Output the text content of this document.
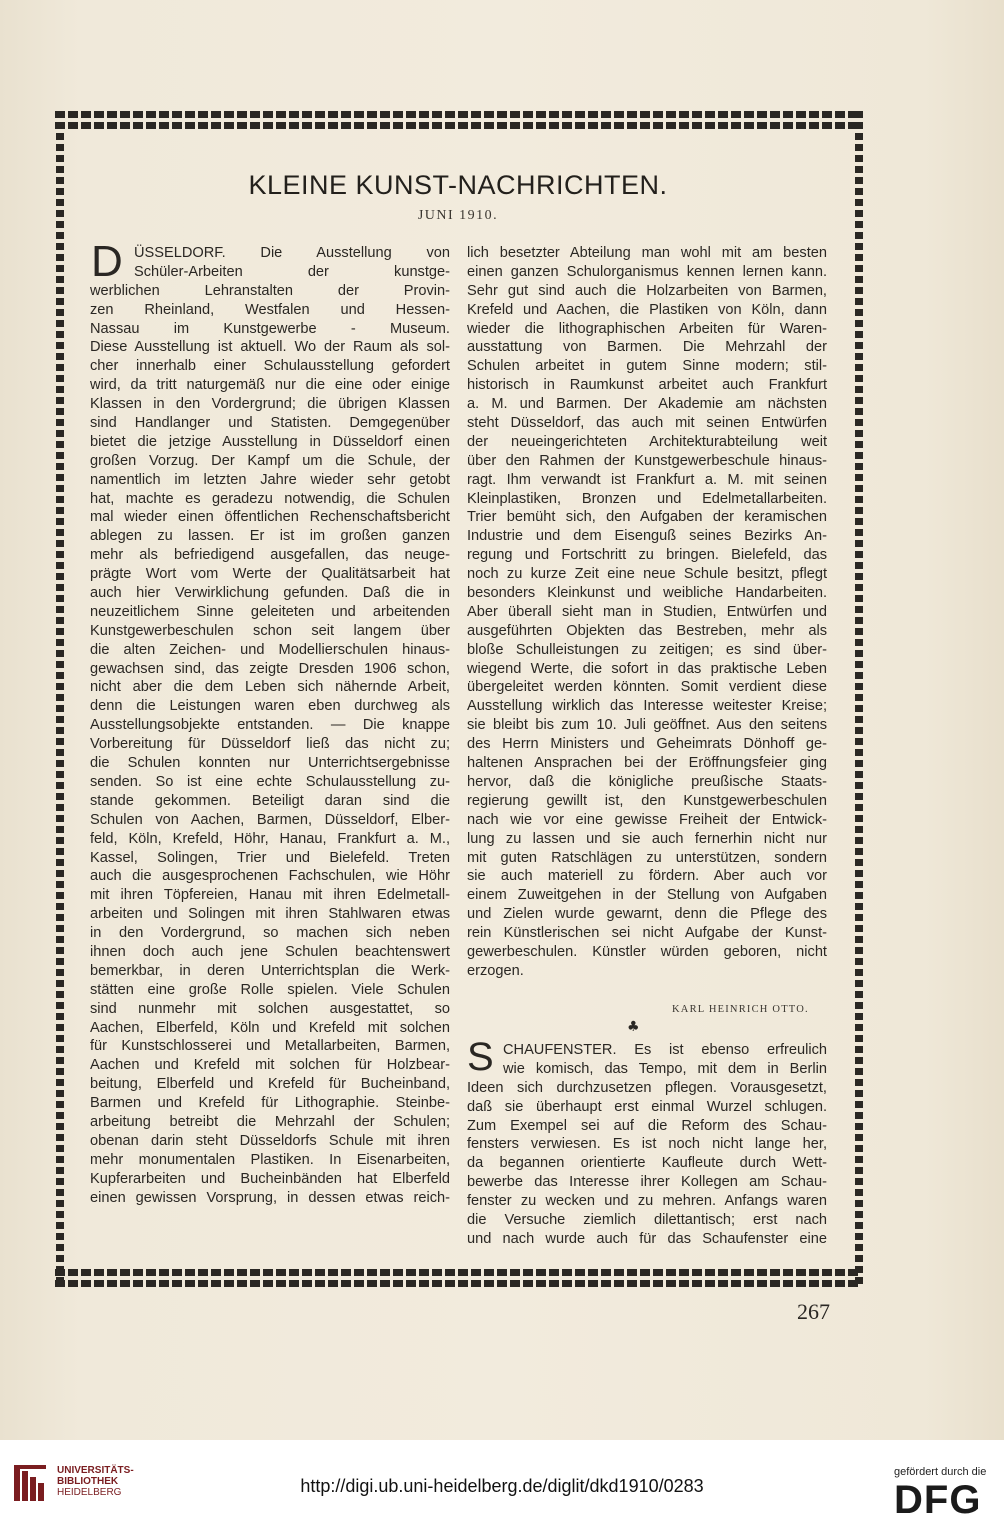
KLEINE KUNST-NACHRICHTEN.
JUNI 1910.
D
S
ÜSSELDORF. Die Ausstellung von
Schüler-Arbeiten der kunstge-
werblichen Lehranstalten der Provin-
zen Rheinland, Westfalen und Hessen-
Nassau im Kunstgewerbe - Museum.
Diese Ausstellung ist aktuell. Wo der Raum als sol-
cher innerhalb einer Schulausstellung gefordert
wird, da tritt naturgemäß nur die eine oder einige
Klassen in den Vordergrund; die übrigen Klassen
sind Handlanger und Statisten. Demgegenüber
bietet die jetzige Ausstellung in Düsseldorf einen
großen Vorzug. Der Kampf um die Schule, der
namentlich im letzten Jahre wieder sehr getobt
hat, machte es geradezu notwendig, die Schulen
mal wieder einen öffentlichen Rechenschaftsbericht
ablegen zu lassen. Er ist im großen ganzen
mehr als befriedigend ausgefallen, das neuge-
prägte Wort vom Werte der Qualitätsarbeit hat
auch hier Verwirklichung gefunden. Daß die in
neuzeitlichem Sinne geleiteten und arbeitenden
Kunstgewerbeschulen schon seit langem über
die alten Zeichen- und Modellierschulen hinaus-
gewachsen sind, das zeigte Dresden 1906 schon,
nicht aber die dem Leben sich nähernde Arbeit,
denn die Leistungen waren eben durchweg als
Ausstellungsobjekte entstanden. — Die knappe
Vorbereitung für Düsseldorf ließ das nicht zu;
die Schulen konnten nur Unterrichtsergebnisse
senden. So ist eine echte Schulausstellung zu-
stande gekommen. Beteiligt daran sind die
Schulen von Aachen, Barmen, Düsseldorf, Elber-
feld, Köln, Krefeld, Höhr, Hanau, Frankfurt a. M.,
Kassel, Solingen, Trier und Bielefeld. Treten
auch die ausgesprochenen Fachschulen, wie Höhr
mit ihren Töpfereien, Hanau mit ihren Edelmetall-
arbeiten und Solingen mit ihren Stahlwaren etwas
in den Vordergrund, so machen sich neben
ihnen doch auch jene Schulen beachtenswert
bemerkbar, in deren Unterrichtsplan die Werk-
stätten eine große Rolle spielen. Viele Schulen
sind nunmehr mit solchen ausgestattet, so
Aachen, Elberfeld, Köln und Krefeld mit solchen
für Kunstschlosserei und Metallarbeiten, Barmen,
Aachen und Krefeld mit solchen für Holzbear-
beitung, Elberfeld und Krefeld für Bucheinband,
Barmen und Krefeld für Lithographie. Steinbe-
arbeitung betreibt die Mehrzahl der Schulen;
obenan darin steht Düsseldorfs Schule mit ihren
mehr monumentalen Plastiken. In Eisenarbeiten,
Kupferarbeiten und Bucheinbänden hat Elberfeld
einen gewissen Vorsprung, in dessen etwas reich-
lich besetzter Abteilung man wohl mit am besten
einen ganzen Schulorganismus kennen lernen kann.
Sehr gut sind auch die Holzarbeiten von Barmen,
Krefeld und Aachen, die Plastiken von Köln, dann
wieder die lithographischen Arbeiten für Waren-
ausstattung von Barmen. Die Mehrzahl der
Schulen arbeitet in gutem Sinne modern; stil-
historisch in Raumkunst arbeitet auch Frankfurt
a. M. und Barmen. Der Akademie am nächsten
steht Düsseldorf, das auch mit seinen Entwürfen
der neueingerichteten Architekturabteilung weit
über den Rahmen der Kunstgewerbeschule hinaus-
ragt. Ihm verwandt ist Frankfurt a. M. mit seinen
Kleinplastiken, Bronzen und Edelmetallarbeiten.
Trier bemüht sich, den Aufgaben der keramischen
Industrie und dem Eisenguß seines Bezirks An-
regung und Fortschritt zu bringen. Bielefeld, das
noch zu kurze Zeit eine neue Schule besitzt, pflegt
besonders Kleinkunst und weibliche Handarbeiten.
Aber überall sieht man in Studien, Entwürfen und
ausgeführten Objekten das Bestreben, mehr als
bloße Schulleistungen zu zeitigen; es sind über-
wiegend Werte, die sofort in das praktische Leben
übergeleitet werden könnten. Somit verdient diese
Ausstellung wirklich das Interesse weitester Kreise;
sie bleibt bis zum 10. Juli geöffnet. Aus den seitens
des Herrn Ministers und Geheimrats Dönhoff ge-
haltenen Ansprachen bei der Eröffnungsfeier ging
hervor, daß die königliche preußische Staats-
regierung gewillt ist, den Kunstgewerbeschulen
nach wie vor eine gewisse Freiheit der Entwick-
lung zu lassen und sie auch fernerhin nicht nur
mit guten Ratschlägen zu unterstützen, sondern
sie auch materiell zu fördern. Aber auch vor
einem Zuweitgehen in der Stellung von Aufgaben
und Zielen wurde gewarnt, denn die Pflege des
rein Künstlerischen sei nicht Aufgabe der Kunst-
gewerbeschulen. Künstler würden geboren, nicht
erzogen.
CHAUFENSTER. Es ist ebenso erfreulich
wie komisch, das Tempo, mit dem in Berlin
Ideen sich durchzusetzen pflegen. Vorausgesetzt,
daß sie überhaupt erst einmal Wurzel schlugen.
Zum Exempel sei auf die Reform des Schau-
fensters verwiesen. Es ist noch nicht lange her,
da begannen orientierte Kaufleute durch Wett-
bewerbe das Interesse ihrer Kollegen am Schau-
fenster zu wecken und zu mehren. Anfangs waren
die Versuche ziemlich dilettantisch; erst nach
und nach wurde auch für das Schaufenster eine
KARL HEINRICH OTTO.
♣
267
UNIVERSITÄTS-
BIBLIOTHEK
HEIDELBERG	http://digi.ub.uni-heidelberg.de/diglit/dkd1910/0283
gefördert durch die
DFG
